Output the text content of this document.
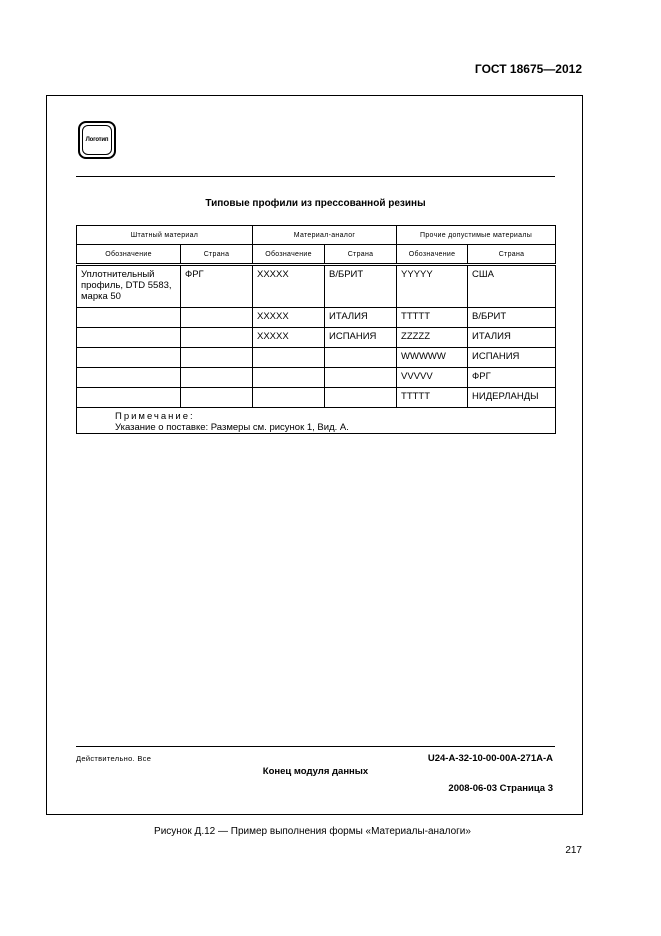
ГОСТ 18675—2012
Логотип
Типовые профили из прессованной резины
Штатный материал		Материал-аналог		Прочие допустимые материалы	
Обозначение	Страна	Обозначение	Страна	Обозначение	Страна
Уплотнительный профиль, DTD 5583, марка 50	ФРГ	XXXXX	В/БРИТ	YYYYY	США
		XXXXX	ИТАЛИЯ	TTTTT	В/БРИТ
		XXXXX	ИСПАНИЯ	ZZZZZ	ИТАЛИЯ
				WWWWW	ИСПАНИЯ
				VVVVV	ФРГ
				TTTTT	НИДЕРЛАНДЫ

Примечание:
Указание о поставке: Размеры см. рисунок 1, Вид. А.					
Действительно. Все	U24-A-32-10-00-00A-271A-A
Конец модуля данных
2008-06-03 Страница 3
Рисунок Д.12 — Пример выполнения формы «Материалы-аналоги»
217
